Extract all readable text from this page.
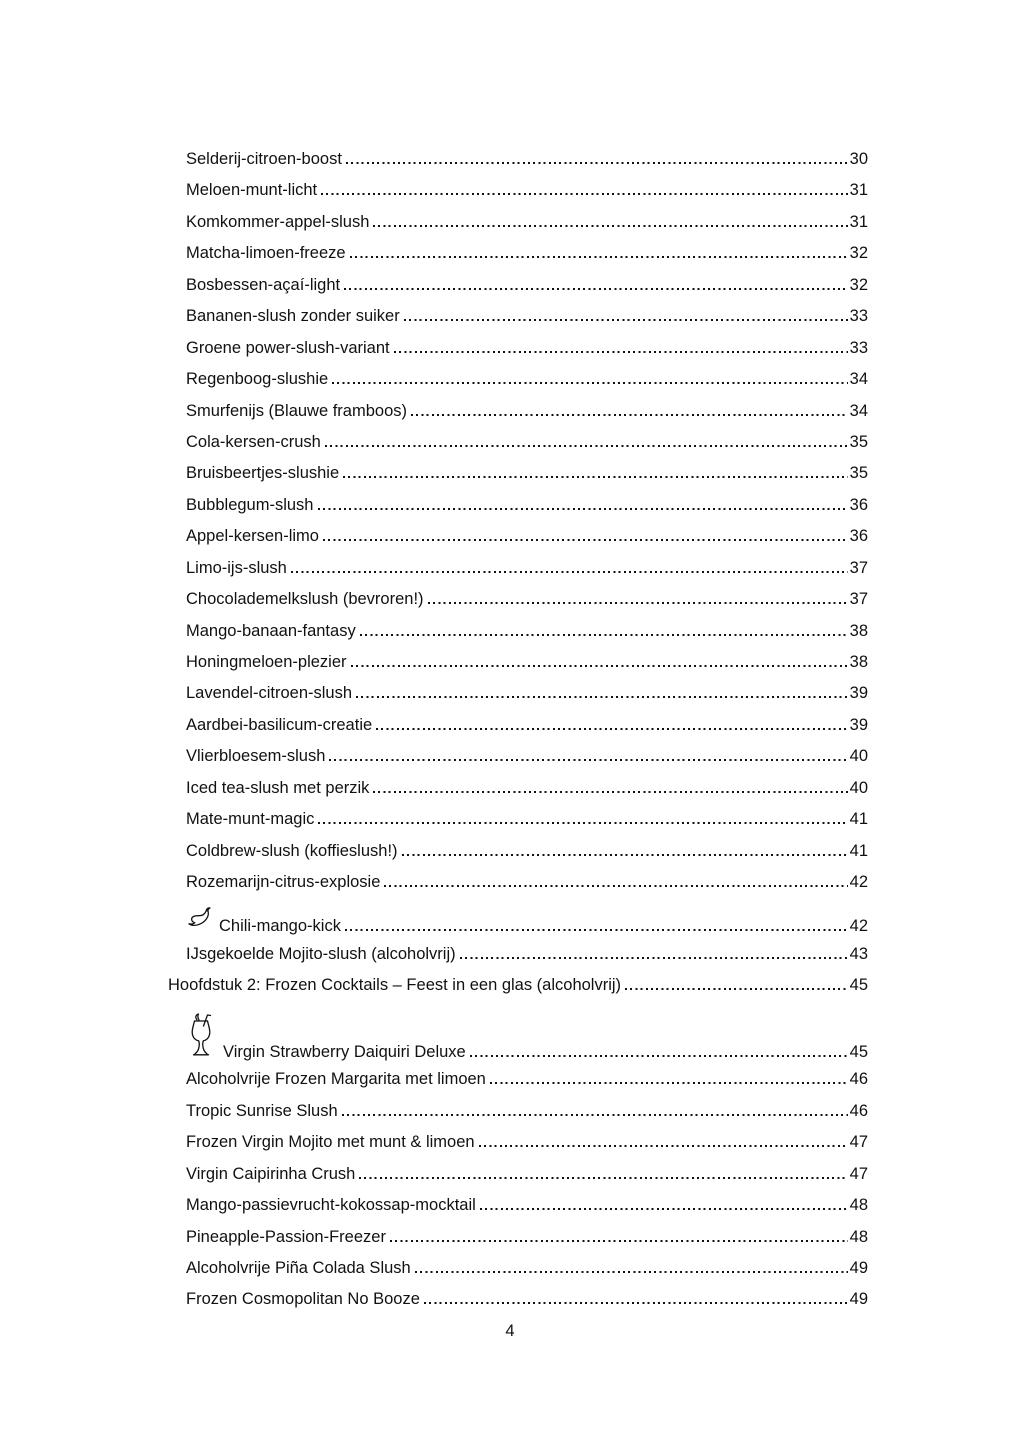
Selderij-citroen-boost	30
Meloen-munt-licht	31
Komkommer-appel-slush	31
Matcha-limoen-freeze	32
Bosbessen-açaí-light	32
Bananen-slush zonder suiker	33
Groene power-slush-variant	33
Regenboog-slushie	34
Smurfenijs (Blauwe framboos)	34
Cola-kersen-crush	35
Bruisbeertjes-slushie	35
Bubblegum-slush	36
Appel-kersen-limo	36
Limo-ijs-slush	37
Chocolademelkslush (bevroren!)	37
Mango-banaan-fantasy	38
Honingmeloen-plezier	38
Lavendel-citroen-slush	39
Aardbei-basilicum-creatie	39
Vlierbloesem-slush	40
Iced tea-slush met perzik	40
Mate-munt-magic	41
Coldbrew-slush (koffieslush!)	41
Rozemarijn-citrus-explosie	42
Chili-mango-kick	42
IJsgekoelde Mojito-slush (alcoholvrij)	43
Hoofdstuk 2: Frozen Cocktails – Feest in een glas (alcoholvrij)	45
Virgin Strawberry Daiquiri Deluxe	45
Alcoholvrije Frozen Margarita met limoen	46
Tropic Sunrise Slush	46
Frozen Virgin Mojito met munt & limoen	47
Virgin Caipirinha Crush	47
Mango-passievrucht-kokossap-mocktail	48
Pineapple-Passion-Freezer	48
Alcoholvrije Piña Colada Slush	49
Frozen Cosmopolitan No Booze	49
4
